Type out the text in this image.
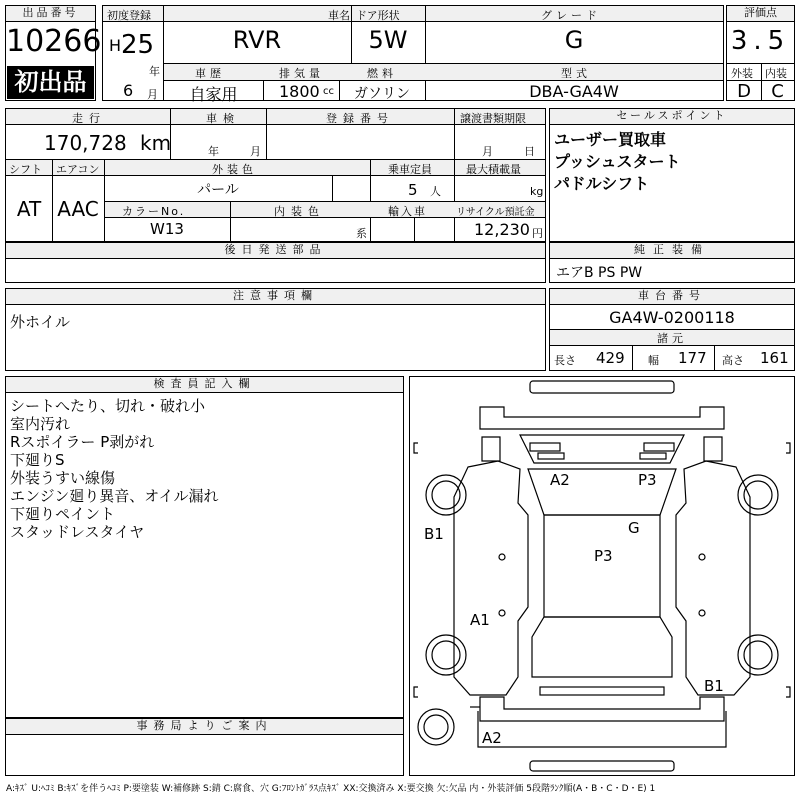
出品番号
10266
初出品
初度登録	車名 ドア形状	グレード
H 25
年
6 月
RVR	5W	G
車歴	排気量	燃料	型式
自家用	1800 cc	ガソリン	DBA-GA4W
評価点
3.5
外装 内装
D	C
走行	車検	登録番号	譲渡書類期限
170,728 km	年	月	月	日
シフト エアコン	外装色	乗車定員	最大積載量
AT AAC
パール	5 人	kg
カラーNo.	内装色	輸入車	リサイクル預託金
W13	系	12,230 円
セールスポイント
ユーザー買取車
プッシュスタート
パドルシフト
後日発送部品	純正装備
エアB PS PW
注意事項欄
外ホイル
車台番号
GA4W-0200118
諸元
長さ 429 幅 177 高さ 161
検査員記入欄
シートへたり、切れ・破れ小
室内汚れ
Rスポイラー P剥がれ
下廻りS
外装うすい線傷
エンジン廻り異音、オイル漏れ
下廻りペイント
スタッドレスタイヤ
事務局よりご案内
A2	P3
G
P3
B1
A1
B1
A2
A:ｷｽﾞ U:ﾍｺﾐ B:ｷｽﾞを伴うﾍｺﾐ P:要塗装 W:補修跡 S:錆 C:腐食、穴 G:ﾌﾛﾝﾄｶﾞﾗｽ点ｷｽﾞ XX:交換済み X:要交換 欠:欠品 内・外装評価 5段階ﾗﾝｸ順(A・B・C・D・E) 1
